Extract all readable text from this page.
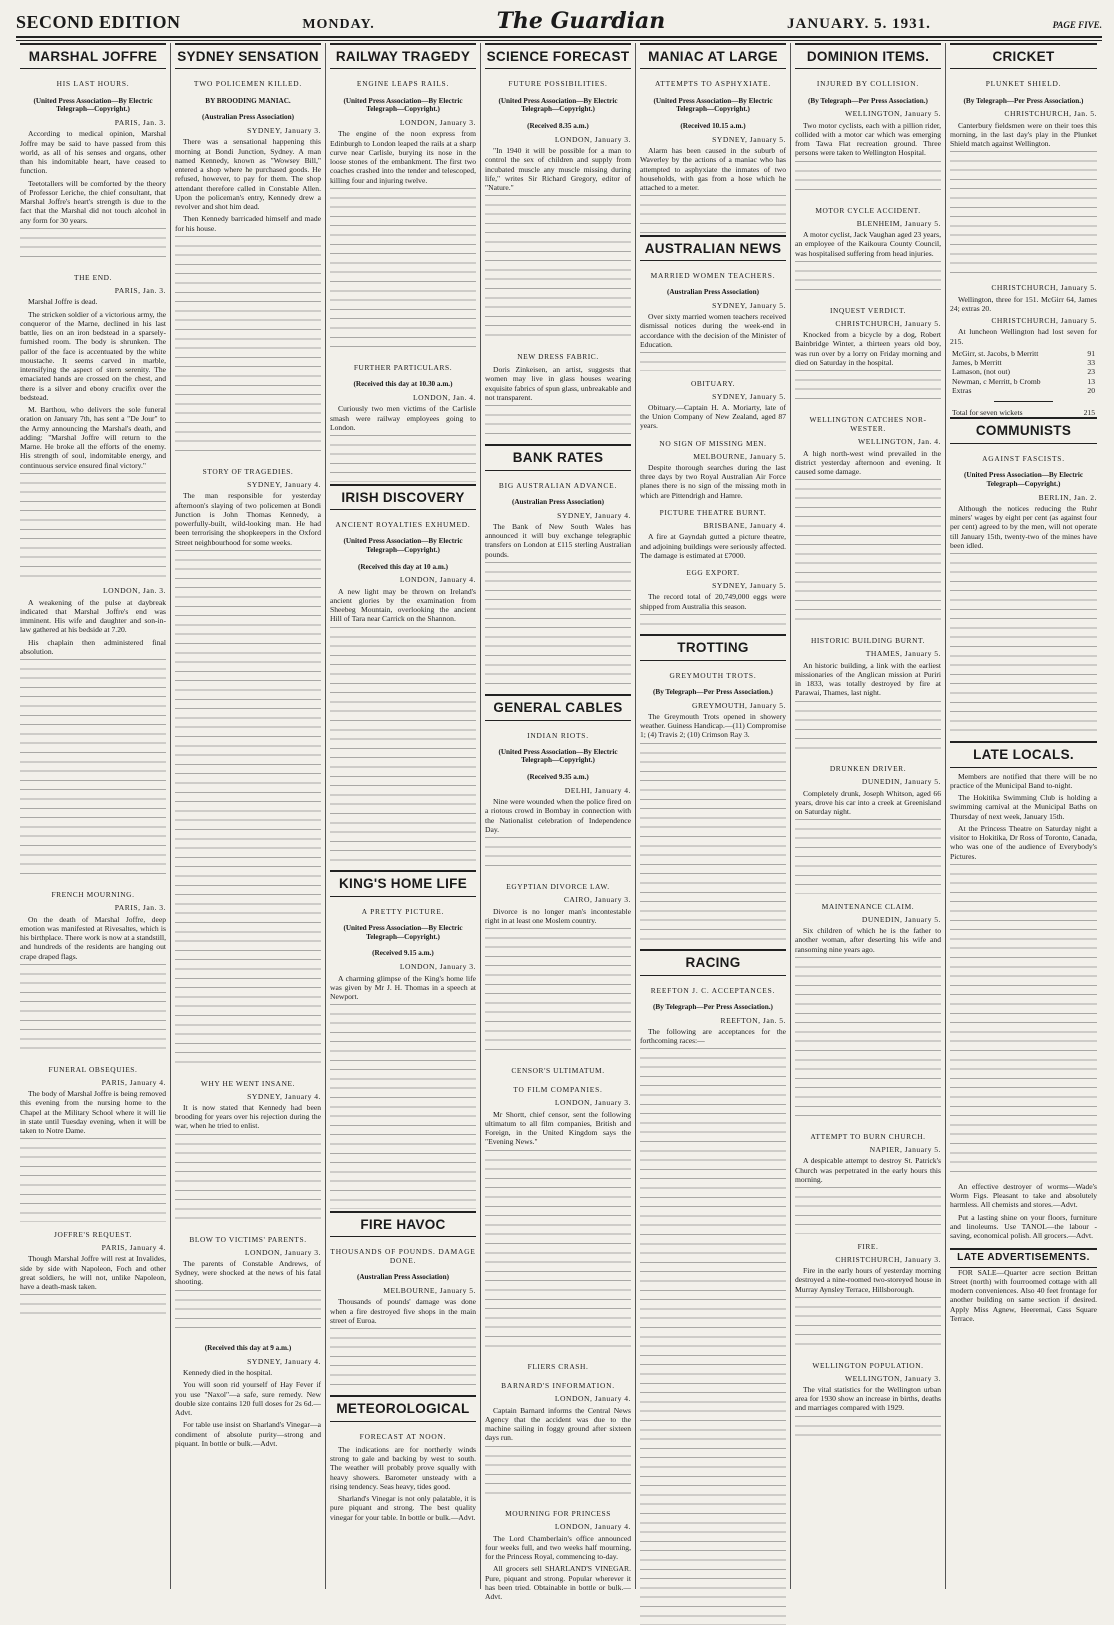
SECOND EDITION	MONDAY.	The Guardian	JANUARY. 5. 1931.	PAGE FIVE.
MARSHAL JOFFRE
HIS LAST HOURS.
(United Press Association—By Electric Telegraph—Copyright.)
PARIS, Jan. 3.

According to medical opinion, Marshal Joffre may be said to have passed from this world, as all of his senses and organs, other than his indomitable heart, have ceased to function.

Teetotallers will be comforted by the theory of Professor Leriche, the chief consultant, that Marshal Joffre's heart's strength is due to the fact that the Marshal did not touch alcohol in any form for 30 years.

THE END.
PARIS, Jan. 3.

Marshal Joffre is dead.

The stricken soldier of a victorious army, the conqueror of the Marne, declined in his last battle, lies on an iron bedstead in a sparsely-furnished room. The body is shrunken. The pallor of the face is accentuated by the white moustache. It seems carved in marble, intensifying the aspect of stern serenity. The emaciated hands are crossed on the chest, and there is a silver and ebony crucifix over the bedstead.

M. Barthou, who delivers the sole funeral oration on January 7th, has sent a "De Jour" to the Army announcing the Marshal's death, and adding: "Marshal Joffre will return to the Marne. He broke all the efforts of the enemy. His strength of soul, indomitable energy, and continuous service ensured final victory."

LONDON, Jan. 3.

A weakening of the pulse at daybreak indicated that Marshal Joffre's end was imminent. His wife and daughter and son-in-law gathered at his bedside at 7.20.

His chaplain then administered final absolution.

FRENCH MOURNING.
PARIS, Jan. 3.

On the death of Marshal Joffre, deep emotion was manifested at Rivesaltes, which is his birthplace. There work is now at a standstill, and hundreds of the residents are hanging out crape draped flags.

FUNERAL OBSEQUIES.
PARIS, January 4.

The body of Marshal Joffre is being removed this evening from the nursing home to the Chapel at the Military School where it will lie in state until Tuesday evening, when it will be taken to Notre Dame.

JOFFRE'S REQUEST.
PARIS, January 4.

Though Marshal Joffre will rest at Invalides, side by side with Napoleon, Foch and other great soldiers, he will not, unlike Napoleon, have a death-mask taken.

SYDNEY SENSATION
TWO POLICEMEN KILLED.
BY BROODING MANIAC.
(Australian Press Association)
SYDNEY, January 3.

There was a sensational happening this morning at Bondi Junction, Sydney. A man named Kennedy, known as "Wowsey Bill," entered a shop where he purchased goods. He refused, however, to pay for them. The shop attendant therefore called in Constable Allen. Upon the policeman's entry, Kennedy drew a revolver and shot him dead.

Then Kennedy barricaded himself and made for his house.

STORY OF TRAGEDIES.
SYDNEY, January 4.

The man responsible for yesterday afternoon's slaying of two policemen at Bondi Junction is John Thomas Kennedy, a powerfully-built, wild-looking man. He had been terrorising the shopkeepers in the Oxford Street neighbourhood for some weeks.

WHY HE WENT INSANE.
SYDNEY, January 4.

It is now stated that Kennedy had been brooding for years over his rejection during the war, when he tried to enlist.

BLOW TO VICTIMS' PARENTS.
LONDON, January 3.

The parents of Constable Andrews, of Sydney, were shocked at the news of his fatal shooting.

(Received this day at 9 a.m.)
SYDNEY, January 4.

Kennedy died in the hospital.

You will soon rid yourself of Hay Fever if you use "Naxol"—a safe, sure remedy. New double size contains 120 full doses for 2s 6d.—Advt.

For table use insist on Sharland's Vinegar—a condiment of absolute purity—strong and piquant. In bottle or bulk.—Advt.

RAILWAY TRAGEDY
ENGINE LEAPS RAILS.
(United Press Association—By Electric Telegraph—Copyright.)
LONDON, January 3.

The engine of the noon express from Edinburgh to London leaped the rails at a sharp curve near Carlisle, burying its nose in the loose stones of the embankment. The first two coaches crashed into the tender and telescoped, killing four and injuring twelve.

FURTHER PARTICULARS.
(Received this day at 10.30 a.m.)
LONDON, Jan. 4.

Curiously two men victims of the Carlisle smash were railway employees going to London.

IRISH DISCOVERY
ANCIENT ROYALTIES EXHUMED.
(United Press Association—By Electric Telegraph—Copyright.)
(Received this day at 10 a.m.)
LONDON, January 4.

A new light may be thrown on Ireland's ancient glories by the examination from Sheebeg Mountain, overlooking the ancient Hill of Tara near Carrick on the Shannon.

KING'S HOME LIFE
A PRETTY PICTURE.
(United Press Association—By Electric Telegraph—Copyright.)
(Received 9.15 a.m.)
LONDON, January 3.

A charming glimpse of the King's home life was given by Mr J. H. Thomas in a speech at Newport.

FIRE HAVOC
THOUSANDS OF POUNDS. DAMAGE DONE.
(Australian Press Association)
MELBOURNE, January 5.

Thousands of pounds' damage was done when a fire destroyed five shops in the main street of Euroa.

METEOROLOGICAL
FORECAST AT NOON.

The indications are for northerly winds strong to gale and backing by west to south. The weather will probably prove squally with heavy showers. Barometer unsteady with a rising tendency. Seas heavy, tides good.

Sharland's Vinegar is not only palatable, it is pure piquant and strong. The best quality vinegar for your table. In bottle or bulk.—Advt.

SCIENCE FORECAST
FUTURE POSSIBILITIES.
(United Press Association—By Electric Telegraph—Copyright.)
(Received 8.35 a.m.)
LONDON, January 3.

"In 1940 it will be possible for a man to control the sex of children and supply from incubated muscle any muscle missing during life," writes Sir Richard Gregory, editor of "Nature."

NEW DRESS FABRIC.

Doris Zinkeisen, an artist, suggests that women may live in glass houses wearing exquisite fabrics of spun glass, unbreakable and not transparent.

BANK RATES
BIG AUSTRALIAN ADVANCE.
(Australian Press Association)
SYDNEY, January 4.

The Bank of New South Wales has announced it will buy exchange telegraphic transfers on London at £115 sterling Australian pounds.

GENERAL CABLES
INDIAN RIOTS.
(United Press Association—By Electric Telegraph—Copyright.)
(Received 9.35 a.m.)
DELHI, January 4.

Nine were wounded when the police fired on a riotous crowd in Bombay in connection with the Nationalist celebration of Independence Day.

EGYPTIAN DIVORCE LAW.
CAIRO, January 3.

Divorce is no longer man's incontestable right in at least one Moslem country.

CENSOR'S ULTIMATUM.
TO FILM COMPANIES.
LONDON, January 3.

Mr Shortt, chief censor, sent the following ultimatum to all film companies, British and Foreign, in the United Kingdom says the "Evening News."

FLIERS CRASH.
BARNARD'S INFORMATION.
LONDON, January 4.

Captain Barnard informs the Central News Agency that the accident was due to the machine sailing in foggy ground after sixteen days run.

MOURNING FOR PRINCESS
LONDON, January 4.

The Lord Chamberlain's office announced four weeks full, and two weeks half mourning, for the Princess Royal, commencing to-day.

All grocers sell SHARLAND'S VINEGAR. Pure, piquant and strong. Popular wherever it has been tried. Obtainable in bottle or bulk.—Advt.

MANIAC AT LARGE
ATTEMPTS TO ASPHYXIATE.
(United Press Association—By Electric Telegraph—Copyright.)
(Received 10.15 a.m.)
SYDNEY, January 5.

Alarm has been caused in the suburb of Waverley by the actions of a maniac who has attempted to asphyxiate the inmates of two households, with gas from a hose which he attached to a meter.

AUSTRALIAN NEWS
MARRIED WOMEN TEACHERS.
(Australian Press Association)
SYDNEY, January 5.

Over sixty married women teachers received dismissal notices during the week-end in accordance with the decision of the Minister of Education.

OBITUARY.
SYDNEY, January 5.

Obituary.—Captain H. A. Moriarty, late of the Union Company of New Zealand, aged 87 years.

NO SIGN OF MISSING MEN.
MELBOURNE, January 5.

Despite thorough searches during the last three days by two Royal Australian Air Force planes there is no sign of the missing moth in which are Pittendrigh and Hamre.

PICTURE THEATRE BURNT.
BRISBANE, January 4.

A fire at Gayndah gutted a picture theatre, and adjoining buildings were seriously affected. The damage is estimated at £7000.

EGG EXPORT.
SYDNEY, January 5.

The record total of 20,749,000 eggs were shipped from Australia this season.

TROTTING
GREYMOUTH TROTS.
(By Telegraph—Per Press Association.)
GREYMOUTH, January 5.

The Greymouth Trots opened in showery weather. Guiness Handicap.—(11) Compromise 1; (4) Travis 2; (10) Crimson Ray 3.

RACING
REEFTON J. C. ACCEPTANCES.
(By Telegraph—Per Press Association.)
REEFTON, Jan. 5.

The following are acceptances for the forthcoming races:—

DOMINION ITEMS.
INJURED BY COLLISION.
(By Telegraph—Per Press Association.)
WELLINGTON, January 5.

Two motor cyclists, each with a pillion rider, collided with a motor car which was emerging from Tawa Flat recreation ground. Three persons were taken to Wellington Hospital.

MOTOR CYCLE ACCIDENT.
BLENHEIM, January 5.

A motor cyclist, Jack Vaughan aged 23 years, an employee of the Kaikoura County Council, was hospitalised suffering from head injuries.

INQUEST VERDICT.
CHRISTCHURCH, January 5.

Knocked from a bicycle by a dog, Robert Bainbridge Winter, a thirteen years old boy, was run over by a lorry on Friday morning and died on Saturday in the hospital.

WELLINGTON CATCHES NOR-WESTER.
WELLINGTON, Jan. 4.

A high north-west wind prevailed in the district yesterday afternoon and evening. It caused some damage.

HISTORIC BUILDING BURNT.
THAMES, January 5.

An historic building, a link with the earliest missionaries of the Anglican mission at Puriri in 1833, was totally destroyed by fire at Parawai, Thames, last night.

DRUNKEN DRIVER.
DUNEDIN, January 5.

Completely drunk, Joseph Whitson, aged 66 years, drove his car into a creek at Greenisland on Saturday night.

MAINTENANCE CLAIM.
DUNEDIN, January 5.

Six children of which he is the father to another woman, after deserting his wife and ransoming nine years ago.

ATTEMPT TO BURN CHURCH.
NAPIER, January 5.

A despicable attempt to destroy St. Patrick's Church was perpetrated in the early hours this morning.

FIRE.
CHRISTCHURCH, January 3.

Fire in the early hours of yesterday morning destroyed a nine-roomed two-storeyed house in Murray Aynsley Terrace, Hillsborough.

WELLINGTON POPULATION.
WELLINGTON, January 3.

The vital statistics for the Wellington urban area for 1930 show an increase in births, deaths and marriages compared with 1929.

CRICKET
PLUNKET SHIELD.
(By Telegraph—Per Press Association.)
CHRISTCHURCH, Jan. 5.

Canterbury fieldsmen were on their toes this morning, in the last day's play in the Plunket Shield match against Wellington.

CHRISTCHURCH, January 5.

Wellington, three for 151. McGirr 64, James 24; extras 20.

CHRISTCHURCH, January 5.

At luncheon Wellington had lost seven for 215.

McGirr, st. Jacobs, b Merritt	91
James, b Merritt	33
Lamason, (not out)	23
Newman, c Merritt, b Cromb	13
Extras	20
Total for seven wickets	215
COMMUNISTS
AGAINST FASCISTS.
(United Press Association—By Electric Telegraph—Copyright.)
BERLIN, Jan. 2.

Although the notices reducing the Ruhr miners' wages by eight per cent (as against four per cent) agreed to by the men, will not operate till January 15th, twenty-two of the mines have been idled.

LATE LOCALS.

Members are notified that there will be no practice of the Municipal Band to-night.

The Hokitika Swimming Club is holding a swimming carnival at the Municipal Baths on Thursday of next week, January 15th.

At the Princess Theatre on Saturday night a visitor to Hokitika, Dr Ross of Toronto, Canada, who was one of the audience of Everybody's Pictures.

An effective destroyer of worms—Wade's Worm Figs. Pleasant to take and absolutely harmless. All chemists and stores.—Advt.

Put a lasting shine on your floors, furniture and linoleums. Use TANOL—the labour - saving, economical polish. All grocers.—Advt.

LATE ADVERTISEMENTS.

FOR SALE—Quarter acre section Brittan Street (north) with fourroomed cottage with all modern conveniences. Also 40 feet frontage for another building on same section if desired. Apply Miss Agnew, Heeremai, Cass Square Terrace.
